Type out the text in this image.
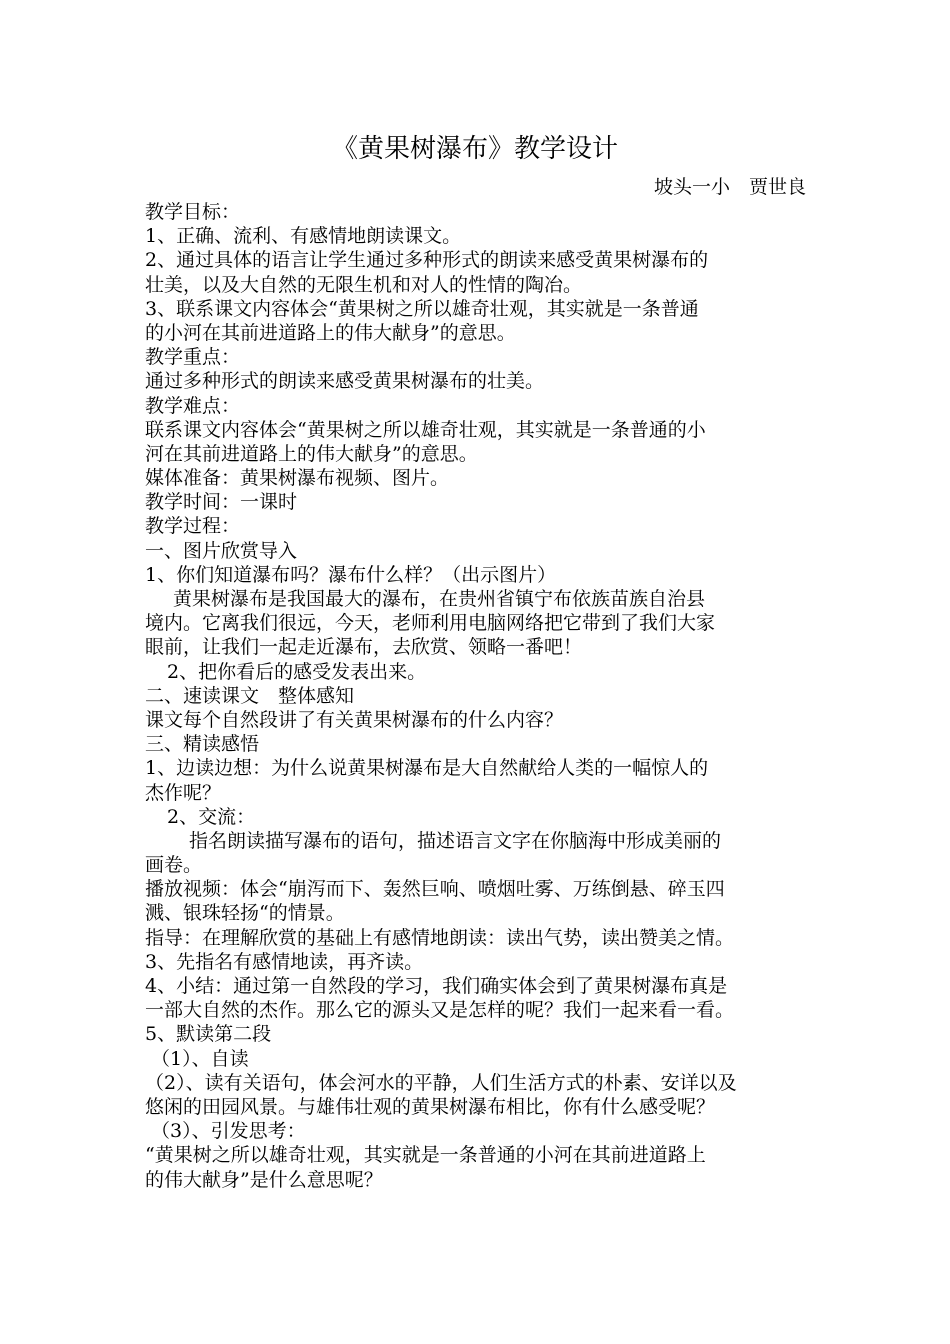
《黄果树瀑布》教学设计
坡头一小　贾世良
教学目标：
1、正确、流利、有感情地朗读课文。
2、通过具体的语言让学生通过多种形式的朗读来感受黄果树瀑布的
壮美，以及大自然的无限生机和对人的性情的陶冶。
3、联系课文内容体会“黄果树之所以雄奇壮观，其实就是一条普通
的小河在其前进道路上的伟大献身”的意思。
教学重点：
通过多种形式的朗读来感受黄果树瀑布的壮美。
教学难点：
联系课文内容体会“黄果树之所以雄奇壮观，其实就是一条普通的小
河在其前进道路上的伟大献身”的意思。
媒体准备：黄果树瀑布视频、图片。
教学时间：一课时
教学过程：
一、图片欣赏导入
1、你们知道瀑布吗？瀑布什么样？（出示图片）
黄果树瀑布是我国最大的瀑布，在贵州省镇宁布依族苗族自治县
境内。它离我们很远，今天，老师利用电脑网络把它带到了我们大家
眼前，让我们一起走近瀑布，去欣赏、领略一番吧！
2、把你看后的感受发表出来。
二、速读课文　整体感知
课文每个自然段讲了有关黄果树瀑布的什么内容？
三、精读感悟
1、边读边想：为什么说黄果树瀑布是大自然献给人类的一幅惊人的
杰作呢？
2、交流：
指名朗读描写瀑布的语句，描述语言文字在你脑海中形成美丽的
画卷。
播放视频：体会“崩泻而下、轰然巨响、喷烟吐雾、万练倒悬、碎玉四
溅、银珠轻扬“的情景。
指导：在理解欣赏的基础上有感情地朗读：读出气势，读出赞美之情。
3、先指名有感情地读，再齐读。
4、小结：通过第一自然段的学习，我们确实体会到了黄果树瀑布真是
一部大自然的杰作。那么它的源头又是怎样的呢？我们一起来看一看。
5、默读第二段
（1）、自读
（2）、读有关语句，体会河水的平静，人们生活方式的朴素、安详以及
悠闲的田园风景。与雄伟壮观的黄果树瀑布相比，你有什么感受呢？
（3）、引发思考：
“黄果树之所以雄奇壮观，其实就是一条普通的小河在其前进道路上
的伟大献身”是什么意思呢？
